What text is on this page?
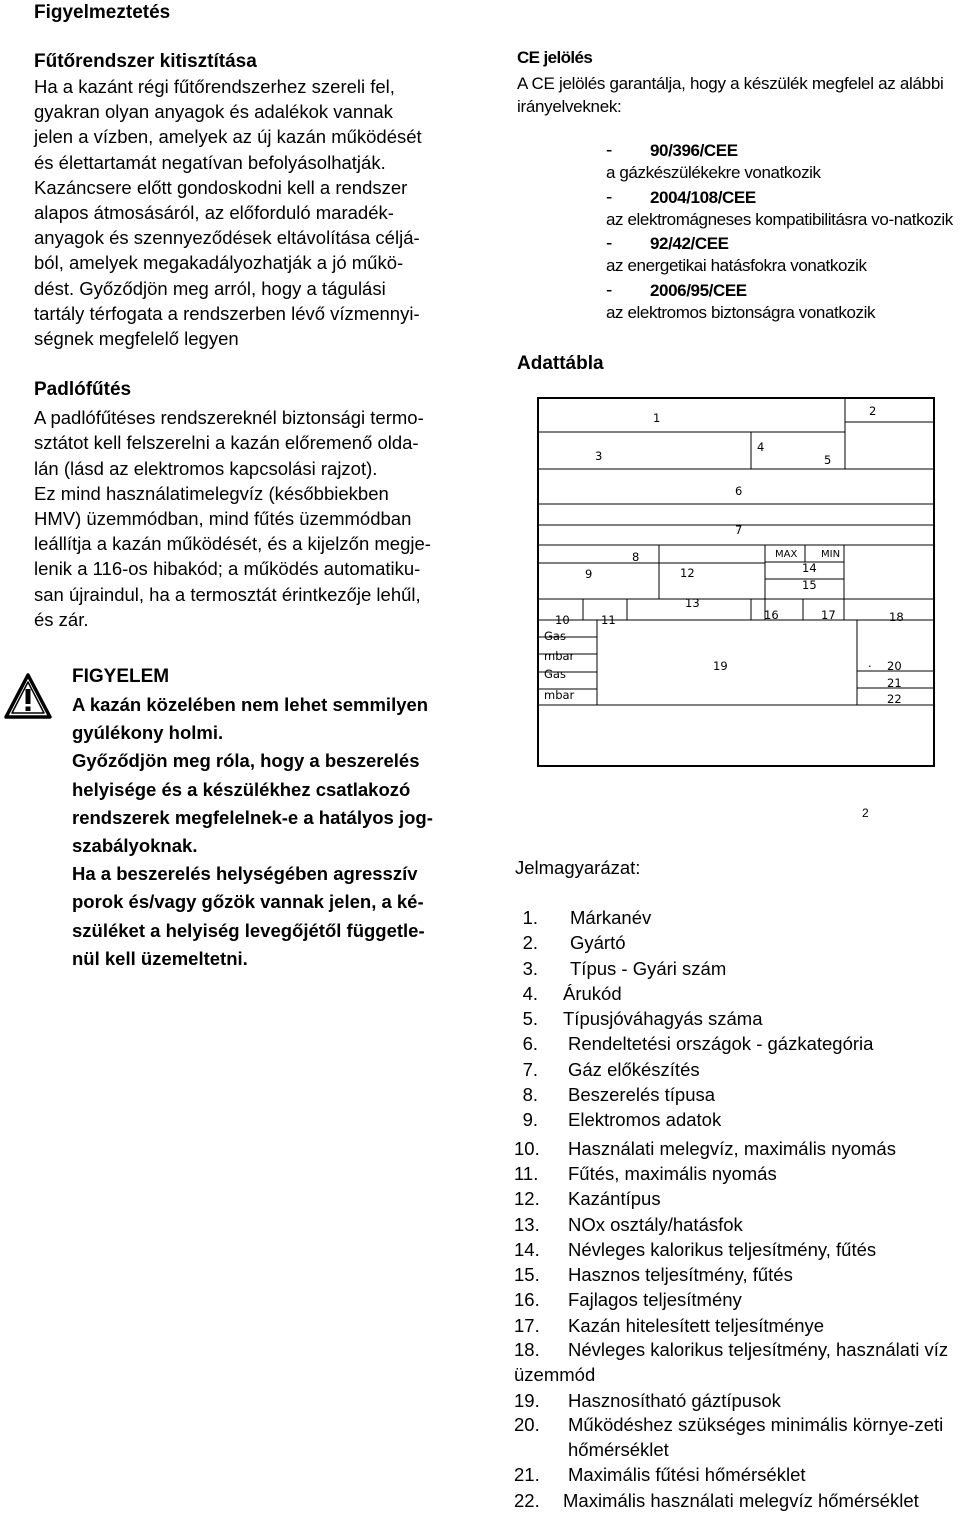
Figyelmeztetés

Fűtőrendszer kitisztítása

Ha a kazánt régi fűtőrendszerhez szereli fel,

gyakran olyan anyagok és adalékok vannak

jelen a vízben, amelyek az új kazán működését

és élettartamát negatívan befolyásolhatják.

Kazáncsere előtt gondoskodni kell a rendszer

alapos átmosásáról, az előforduló maradék-

anyagok és szennyeződések eltávolítása céljá-

ból, amelyek megakadályozhatják a jó műkö-

dést. Győződjön meg arról, hogy a tágulási

tartály térfogata a rendszerben lévő vízmennyi-

ségnek megfelelő legyen

Padlófűtés

A padlófűtéses rendszereknél biztonsági termo-

sztátot kell felszerelni a kazán előremenő olda-

lán (lásd az elektromos kapcsolási rajzot).

Ez mind használatimelegvíz (későbbiekben

HMV) üzemmódban, mind fűtés üzemmódban

leállítja a kazán működését, és a kijelzőn megje-

lenik a 116-os hibakód; a működés automatiku-

san újraindul, ha a termosztát érintkezője lehűl,

és zár.

FIGYELEM

A kazán közelében nem lehet semmilyen

gyúlékony holmi.

Győződjön meg róla, hogy a beszerelés

helyisége és a készülékhez csatlakozó

rendszerek megfelelnek-e a hatályos jog-

szabályoknak.

Ha a beszerelés helységében agresszív

porok és/vagy gőzök vannak jelen, a ké-

szüléket a helyiség levegőjétől függetle-

nül kell üzemeltetni.

CE jelölés
A CE jelölés garantálja, hogy a készülék megfelel az alábbi irányelveknek:
- 90/396/CEE
a gázkészülékekre vonatkozik
- 2004/108/CEE
az elektromágneses kompatibilitásra vo-natkozik
- 92/42/CEE
az energetikai hatásfokra vonatkozik
- 2006/95/CEE
az elektromos biztonságra vonatkozik
Adattábla
1	2
3
4
5
6
7
8
9	12
13
MAX MIN
14
15
10	11	16	17	18
Gas
mbar
Gas
mbar
19	. 20
21
22
2
Jelmagyarázat:
1. Márkanév
2. Gyártó
3. Típus - Gyári szám
4. Árukód
5. Típusjóváhagyás száma
6. Rendeltetési országok - gázkategória
7. Gáz előkészítés
8. Beszerelés típusa
9. Elektromos adatok
10. Használati melegvíz, maximális nyomás
11. Fűtés, maximális nyomás
12. Kazántípus
13. NOx osztály/hatásfok
14. Névleges kalorikus teljesítmény, fűtés
15. Hasznos teljesítmény, fűtés
16. Fajlagos teljesítmény
17. Kazán hitelesített teljesítménye
18. Névleges kalorikus teljesítmény, használati víz üzemmód
19. Hasznosítható gáztípusok
20. Működéshez szükséges minimális környe-zeti hőmérséklet
21. Maximális fűtési hőmérséklet
22. Maximális használati melegvíz hőmérséklet
